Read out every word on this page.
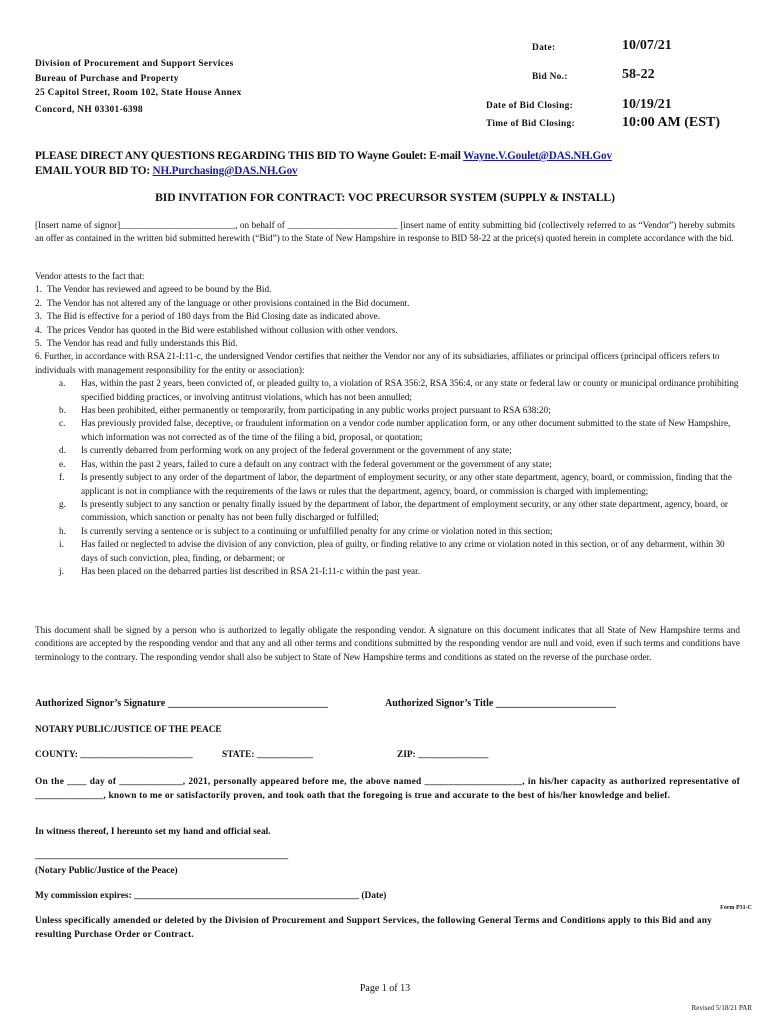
Date:	10/07/21
Bid No.:	58-22
Date of Bid Closing:	10/19/21
Time of Bid Closing:	10:00 AM (EST)
Division of Procurement and Support Services
Bureau of Purchase and Property
25 Capitol Street, Room 102, State House Annex
Concord, NH 03301-6398
PLEASE DIRECT ANY QUESTIONS REGARDING THIS BID TO Wayne Goulet: E-mail Wayne.V.Goulet@DAS.NH.Gov
EMAIL YOUR BID TO: NH.Purchasing@DAS.NH.Gov
BID INVITATION FOR CONTRACT: VOC PRECURSOR SYSTEM (SUPPLY & INSTALL)
[Insert name of signor]_________________________, on behalf of ________________________ [insert name of entity submitting bid (collectively referred to as “Vendor”) hereby submits an offer as contained in the written bid submitted herewith (“Bid”) to the State of New Hampshire in response to BID 58-22 at the price(s) quoted herein in complete accordance with the bid.
Vendor attests to the fact that:
1. The Vendor has reviewed and agreed to be bound by the Bid.
2. The Vendor has not altered any of the language or other provisions contained in the Bid document.
3. The Bid is effective for a period of 180 days from the Bid Closing date as indicated above.
4. The prices Vendor has quoted in the Bid were established without collusion with other vendors.
5. The Vendor has read and fully understands this Bid.
6. Further, in accordance with RSA 21-I:11-c, the undersigned Vendor certifies that neither the Vendor nor any of its subsidiaries, affiliates or principal officers (principal officers refers to individuals with management responsibility for the entity or association):
a.	Has, within the past 2 years, been convicted of, or pleaded guilty to, a violation of RSA 356:2, RSA 356:4, or any state or federal law or county or municipal ordinance prohibiting specified bidding practices, or involving antitrust violations, which has not been annulled;
b.	Has been prohibited, either permanently or temporarily, from participating in any public works project pursuant to RSA 638:20;
c.	Has previously provided false, deceptive, or fraudulent information on a vendor code number application form, or any other document submitted to the state of New Hampshire, which information was not corrected as of the time of the filing a bid, proposal, or quotation;
d.	Is currently debarred from performing work on any project of the federal government or the government of any state;
e.	Has, within the past 2 years, failed to cure a default on any contract with the federal government or the government of any state;
f.	Is presently subject to any order of the department of labor, the department of employment security, or any other state department, agency, board, or commission, finding that the applicant is not in compliance with the requirements of the laws or rules that the department, agency, board, or commission is charged with implementing;
g.	Is presently subject to any sanction or penalty finally issued by the department of labor, the department of employment security, or any other state department, agency, board, or commission, which sanction or penalty has not been fully discharged or fulfilled;
h.	Is currently serving a sentence or is subject to a continuing or unfulfilled penalty for any crime or violation noted in this section;
i.	Has failed or neglected to advise the division of any conviction, plea of guilty, or finding relative to any crime or violation noted in this section, or of any debarment, within 30 days of such conviction, plea, finding, or debarment; or
j.	Has been placed on the debarred parties list described in RSA 21-I:11-c within the past year.
This document shall be signed by a person who is authorized to legally obligate the responding vendor. A signature on this document indicates that all State of New Hampshire terms and conditions are accepted by the responding vendor and that any and all other terms and conditions submitted by the responding vendor are null and void, even if such terms and conditions have terminology to the contrary. The responding vendor shall also be subject to State of New Hampshire terms and conditions as stated on the reverse of the purchase order.
Authorized Signor’s Signature ________________________________	Authorized Signor’s Title ________________________
NOTARY PUBLIC/JUSTICE OF THE PEACE
COUNTY: ________________________	STATE: ____________	ZIP: _______________
On the ____ day of _____________, 2021, personally appeared before me, the above named ____________________, in his/her capacity as authorized representative of ______________, known to me or satisfactorily proven, and took oath that the foregoing is true and accurate to the best of his/her knowledge and belief.
In witness thereof, I hereunto set my hand and official seal.
______________________________________________________
(Notary Public/Justice of the Peace)
My commission expires: ________________________________________________ (Date)
Form P31-C
Unless specifically amended or deleted by the Division of Procurement and Support Services, the following General Terms and Conditions apply to this Bid and any resulting Purchase Order or Contract.
Page 1 of 13
Revised 5/18/21 PAR
